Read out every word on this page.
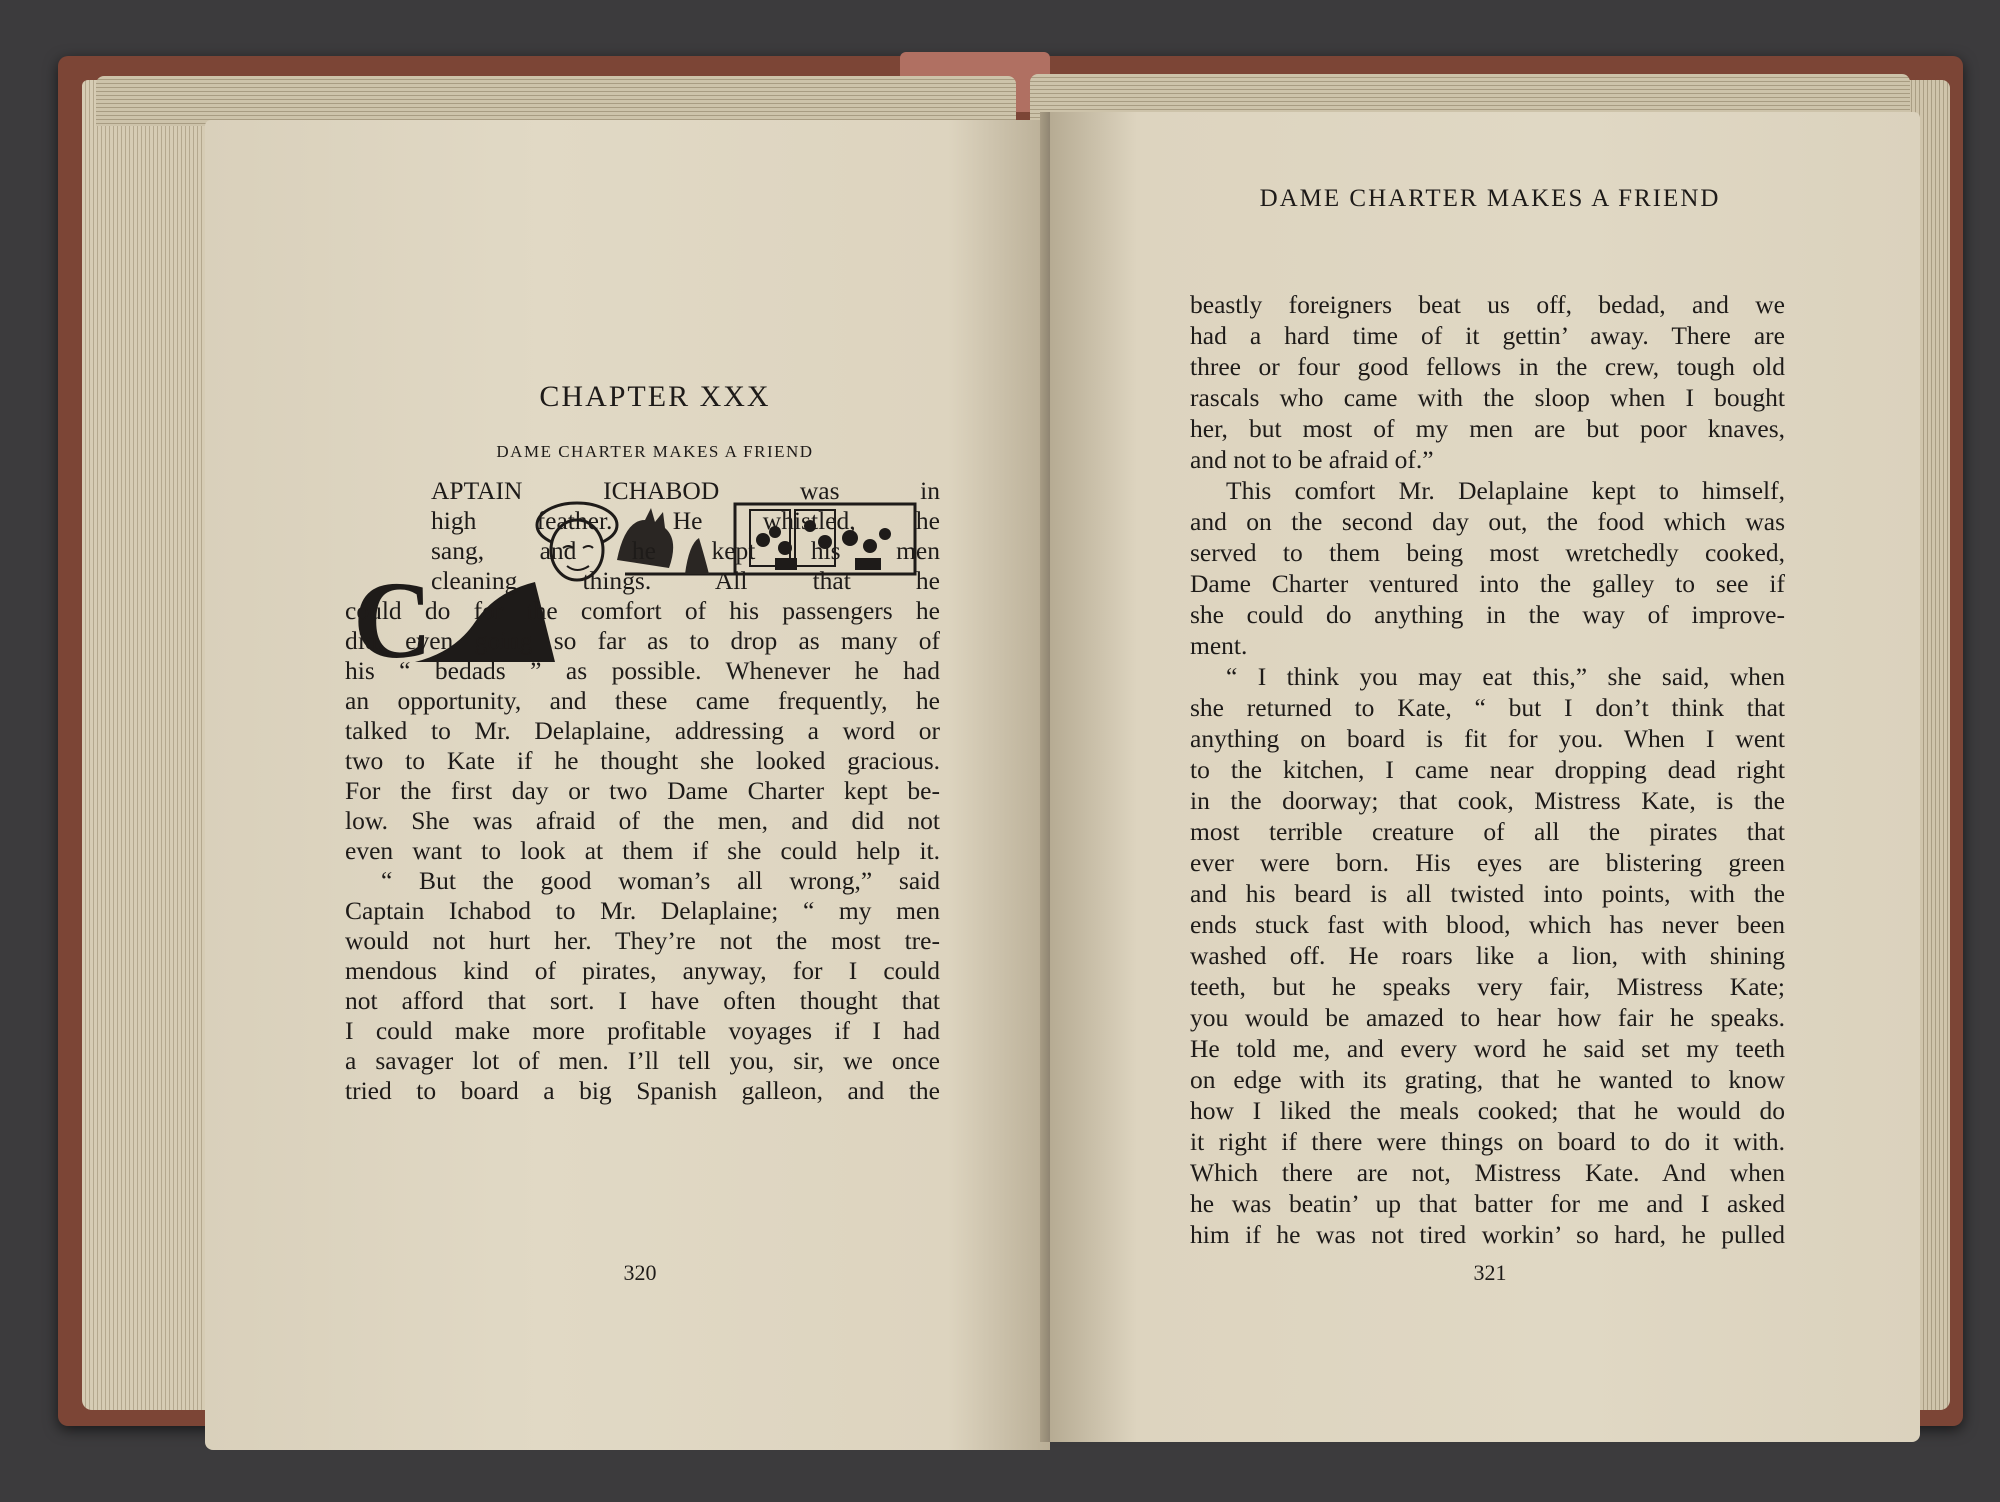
CHAPTER XXX
DAME CHARTER MAKES A FRIEND
C
APTAIN ICHABOD was in
high feather. He whistled, he
sang, and he kept his men
cleaning things. All that he
could do for the comfort of his passengers he
did, even going so far as to drop as many of
his “ bedads ” as possible. Whenever he had
an opportunity, and these came frequently, he
talked to Mr. Delaplaine, addressing a word or
two to Kate if he thought she looked gracious.
For the first day or two Dame Charter kept be-
low. She was afraid of the men, and did not
even want to look at them if she could help it.
“ But the good woman’s all wrong,” said
Captain Ichabod to Mr. Delaplaine; “ my men
would not hurt her. They’re not the most tre-
mendous kind of pirates, anyway, for I could
not afford that sort. I have often thought that
I could make more profitable voyages if I had
a savager lot of men. I’ll tell you, sir, we once
tried to board a big Spanish galleon, and the
320
DAME CHARTER MAKES A FRIEND
beastly foreigners beat us off, bedad, and we
had a hard time of it gettin’ away. There are
three or four good fellows in the crew, tough old
rascals who came with the sloop when I bought
her, but most of my men are but poor knaves,
and not to be afraid of.”
This comfort Mr. Delaplaine kept to himself,
and on the second day out, the food which was
served to them being most wretchedly cooked,
Dame Charter ventured into the galley to see if
she could do anything in the way of improve-
ment.
“ I think you may eat this,” she said, when
she returned to Kate, “ but I don’t think that
anything on board is fit for you. When I went
to the kitchen, I came near dropping dead right
in the doorway; that cook, Mistress Kate, is the
most terrible creature of all the pirates that
ever were born. His eyes are blistering green
and his beard is all twisted into points, with the
ends stuck fast with blood, which has never been
washed off. He roars like a lion, with shining
teeth, but he speaks very fair, Mistress Kate;
you would be amazed to hear how fair he speaks.
He told me, and every word he said set my teeth
on edge with its grating, that he wanted to know
how I liked the meals cooked; that he would do
it right if there were things on board to do it with.
Which there are not, Mistress Kate. And when
he was beatin’ up that batter for me and I asked
him if he was not tired workin’ so hard, he pulled
321
